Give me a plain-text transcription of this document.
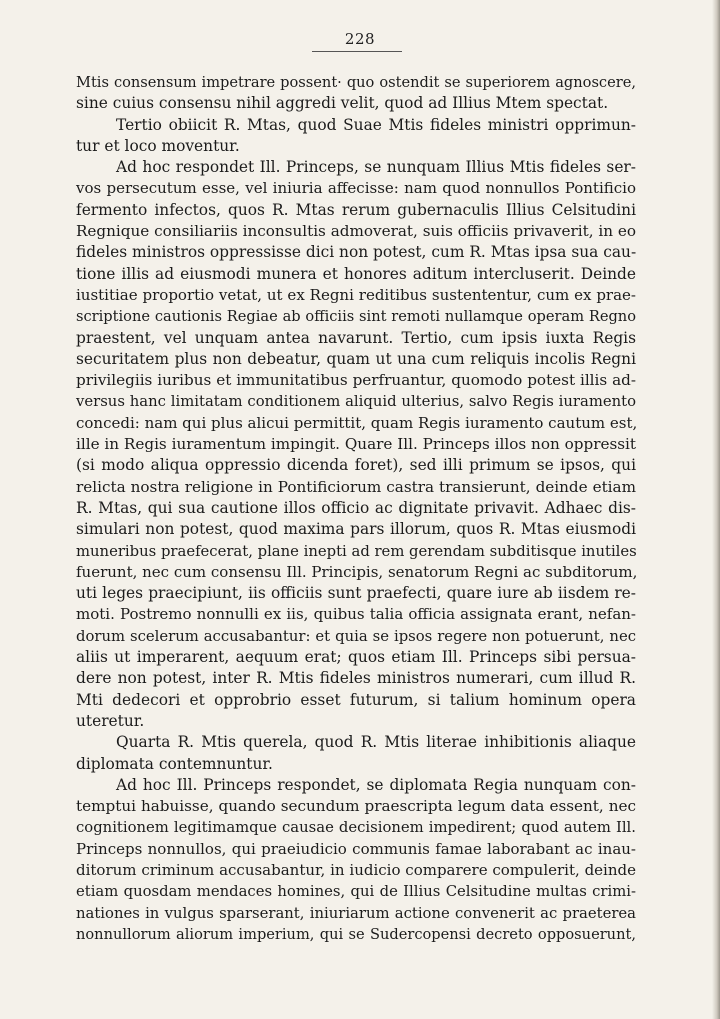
228
Mtis consensum impetrare possent· quo ostendit se superiorem agnoscere,
sine cuius consensu nihil aggredi velit, quod ad Illius Mtem spectat.
Tertio obiicit R. Mtas, quod Suae Mtis fideles ministri opprimun-
tur et loco moventur.
Ad hoc respondet Ill. Princeps, se nunquam Illius Mtis fideles ser-
vos persecutum esse, vel iniuria affecisse: nam quod nonnullos Pontificio
fermento infectos, quos R. Mtas rerum gubernaculis Illius Celsitudini
Regnique consiliariis inconsultis admoverat, suis officiis privaverit, in eo
fideles ministros oppressisse dici non potest, cum R. Mtas ipsa sua cau-
tione illis ad eiusmodi munera et honores aditum intercluserit. Deinde
iustitiae proportio vetat, ut ex Regni reditibus sustententur, cum ex prae-
scriptione cautionis Regiae ab officiis sint remoti nullamque operam Regno
praestent, vel unquam antea navarunt. Tertio, cum ipsis iuxta Regis
securitatem plus non debeatur, quam ut una cum reliquis incolis Regni
privilegiis iuribus et immunitatibus perfruantur, quomodo potest illis ad-
versus hanc limitatam conditionem aliquid ulterius, salvo Regis iuramento
concedi: nam qui plus alicui permittit, quam Regis iuramento cautum est,
ille in Regis iuramentum impingit. Quare Ill. Princeps illos non oppressit
(si modo aliqua oppressio dicenda foret), sed illi primum se ipsos, qui
relicta nostra religione in Pontificiorum castra transierunt, deinde etiam
R. Mtas, qui sua cautione illos officio ac dignitate privavit. Adhaec dis-
simulari non potest, quod maxima pars illorum, quos R. Mtas eiusmodi
muneribus praefecerat, plane inepti ad rem gerendam subditisque inutiles
fuerunt, nec cum consensu Ill. Principis, senatorum Regni ac subditorum,
uti leges praecipiunt, iis officiis sunt praefecti, quare iure ab iisdem re-
moti. Postremo nonnulli ex iis, quibus talia officia assignata erant, nefan-
dorum scelerum accusabantur: et quia se ipsos regere non potuerunt, nec
aliis ut imperarent, aequum erat; quos etiam Ill. Princeps sibi persua-
dere non potest, inter R. Mtis fideles ministros numerari, cum illud R.
Mti dedecori et opprobrio esset futurum, si talium hominum opera
uteretur.
Quarta R. Mtis querela, quod R. Mtis literae inhibitionis aliaque
diplomata contemnuntur.
Ad hoc Ill. Princeps respondet, se diplomata Regia nunquam con-
temptui habuisse, quando secundum praescripta legum data essent, nec
cognitionem legitimamque causae decisionem impedirent; quod autem Ill.
Princeps nonnullos, qui praeiudicio communis famae laborabant ac inau-
ditorum criminum accusabantur, in iudicio comparere compulerit, deinde
etiam quosdam mendaces homines, qui de Illius Celsitudine multas crimi-
nationes in vulgus sparserant, iniuriarum actione convenerit ac praeterea
nonnullorum aliorum imperium, qui se Sudercopensi decreto opposuerunt,
